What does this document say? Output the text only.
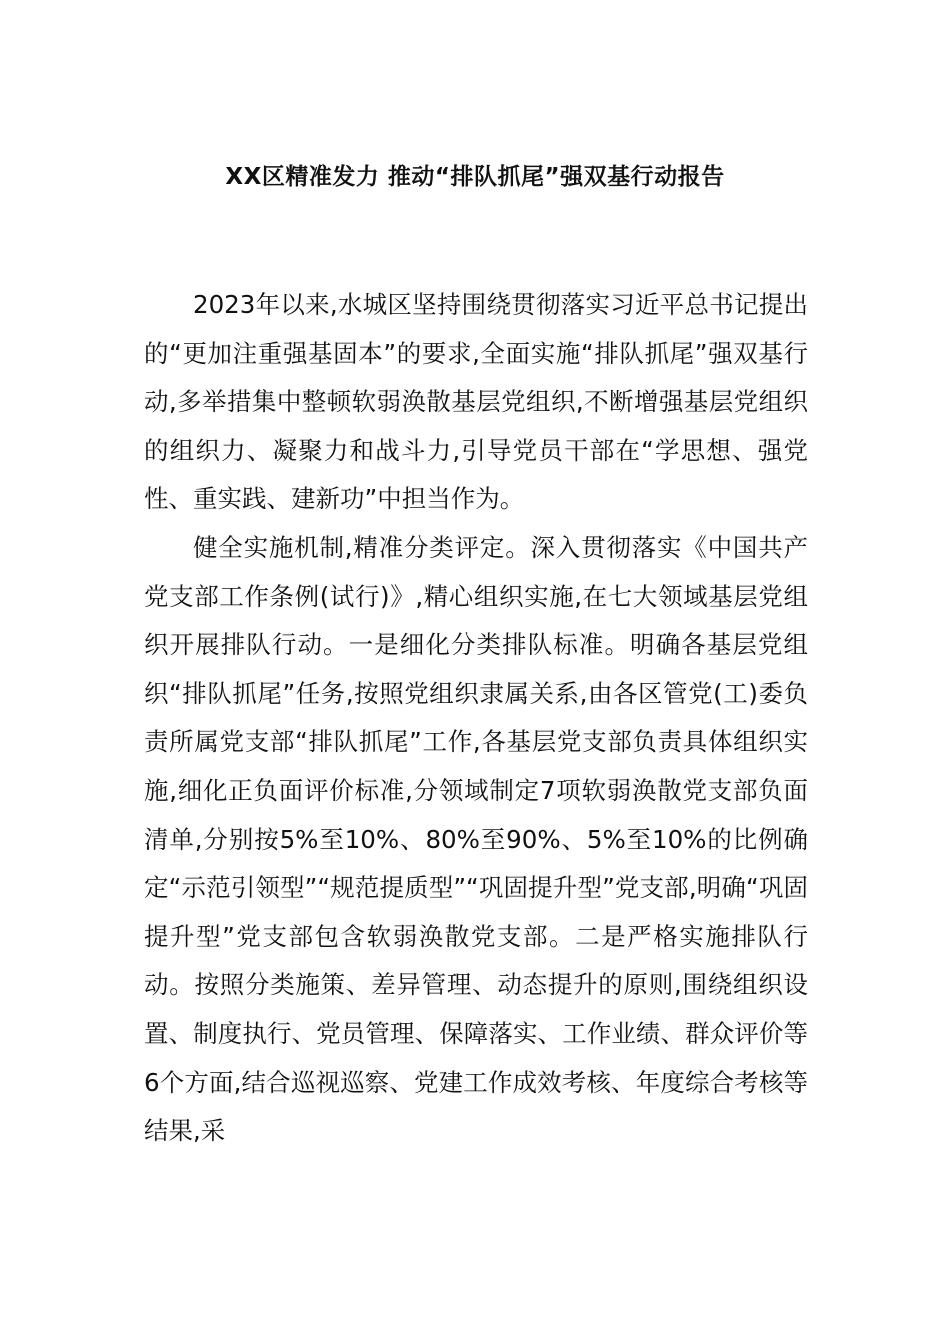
XX区精准发力 推动“排队抓尾”强双基行动报告

2023年以来,水城区坚持围绕贯彻落实习近平总书记提出的“更加注重强基固本”的要求,全面实施“排队抓尾”强双基行动,多举措集中整顿软弱涣散基层党组织,不断增强基层党组织的组织力、凝聚力和战斗力,引导党员干部在“学思想、强党性、重实践、建新功”中担当作为。

健全实施机制,精准分类评定。深入贯彻落实《中国共产党支部工作条例(试行)》,精心组织实施,在七大领域基层党组织开展排队行动。一是细化分类排队标准。明确各基层党组织“排队抓尾”任务,按照党组织隶属关系,由各区管党(工)委负责所属党支部“排队抓尾”工作,各基层党支部负责具体组织实施,细化正负面评价标准,分领域制定7项软弱涣散党支部负面清单,分别按5%至10%、80%至90%、5%至10%的比例确定“示范引领型”“规范提质型”“巩固提升型”党支部,明确“巩固提升型”党支部包含软弱涣散党支部。二是严格实施排队行动。按照分类施策、差异管理、动态提升的原则,围绕组织设置、制度执行、党员管理、保障落实、工作业绩、群众评价等6个方面,结合巡视巡察、党建工作成效考核、年度综合考核等结果,采
